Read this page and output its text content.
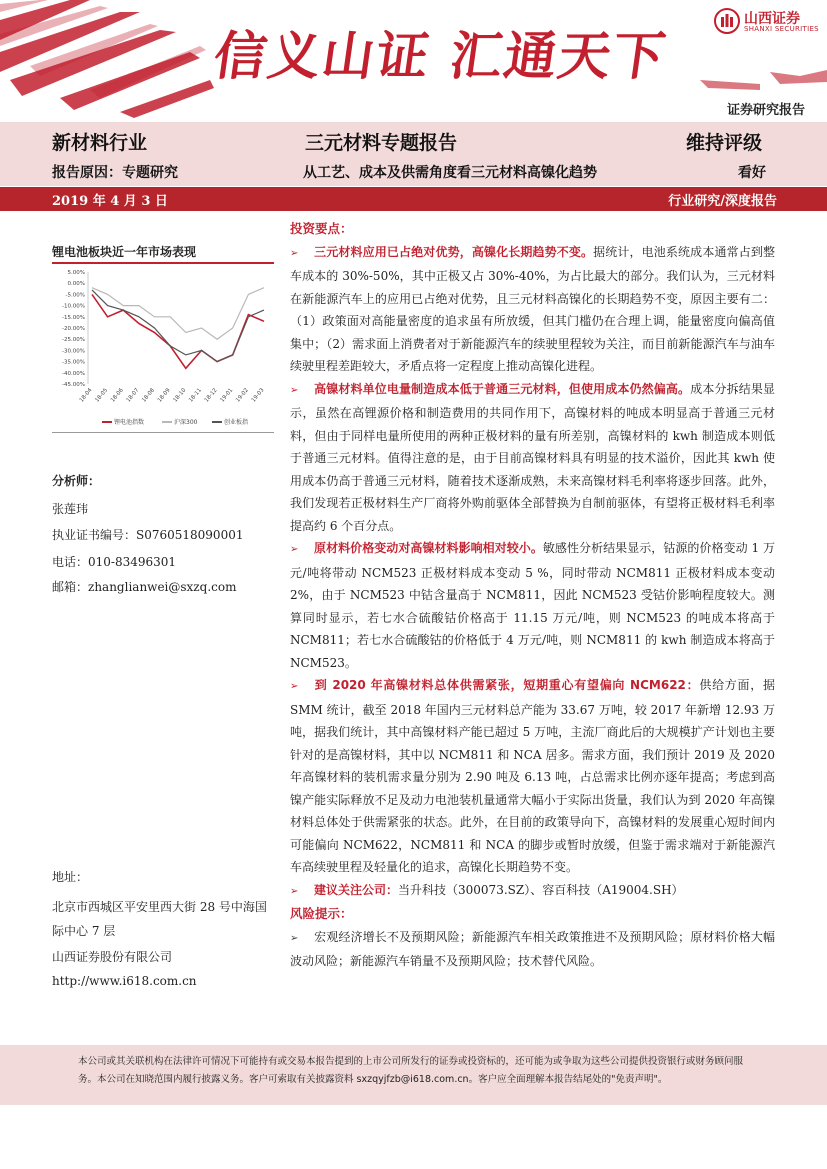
信义山证 汇通天下
山西证券
SHANXI SECURITIES
证券研究报告
新材料行业	三元材料专题报告	维持评级
报告原因：专题研究	从工艺、成本及供需角度看三元材料高镍化趋势	看好
2019 年 4 月 3 日	行业研究/深度报告
锂电池板块近一年市场表现
5.00%
0.00%
-5.00%
-10.00%
-15.00%
-20.00%
-25.00%
-30.00%
-35.00%
-40.00%
-45.00%
18-04 18-05 18-06 18-07 18-08 18-09 18-10 18-11 18-12 19-01 19-02 19-03
锂电池指数	沪深300	创业板指
分析师：
张莲玮
执业证书编号：S0760518090001
电话：010-83496301
邮箱：zhanglianwei@sxzq.com
地址：
北京市西城区平安里西大街 28 号中海国
际中心 7 层
山西证券股份有限公司
http://www.i618.com.cn
投资要点：

➢ 三元材料应用已占绝对优势，高镍化长期趋势不变。据统计，电池系统成本通常占到整车成本的 30%-50%，其中正极又占 30%-40%，为占比最大的部分。我们认为，三元材料在新能源汽车上的应用已占绝对优势，且三元材料高镍化的长期趋势不变，原因主要有二：（1）政策面对高能量密度的追求虽有所放缓，但其门槛仍在合理上调，能量密度向偏高值集中；（2）需求面上消费者对于新能源汽车的续驶里程较为关注，而目前新能源汽车与油车续驶里程差距较大，矛盾点将一定程度上推动高镍化进程。

➢ 高镍材料单位电量制造成本低于普通三元材料，但使用成本仍然偏高。成本分拆结果显示，虽然在高锂源价格和制造费用的共同作用下，高镍材料的吨成本明显高于普通三元材料，但由于同样电量所使用的两种正极材料的量有所差别，高镍材料的 kwh 制造成本则低于普通三元材料。值得注意的是，由于目前高镍材料具有明显的技术溢价，因此其 kwh 使用成本仍高于普通三元材料，随着技术逐渐成熟，未来高镍材料毛利率将逐步回落。此外，我们发现若正极材料生产厂商将外购前驱体全部替换为自制前驱体，有望将正极材料毛利率提高约 6 个百分点。

➢ 原材料价格变动对高镍材料影响相对较小。敏感性分析结果显示，钴源的价格变动 1 万元/吨将带动 NCM523 正极材料成本变动 5 %，同时带动 NCM811 正极材料成本变动 2%，由于 NCM523 中钴含量高于 NCM811，因此 NCM523 受钴价影响程度较大。测算同时显示，若七水合硫酸钴价格高于 11.15 万元/吨，则 NCM523 的吨成本将高于 NCM811；若七水合硫酸钴的价格低于 4 万元/吨，则 NCM811 的 kwh 制造成本将高于 NCM523。

➢ 到 2020 年高镍材料总体供需紧张，短期重心有望偏向 NCM622：供给方面，据 SMM 统计，截至 2018 年国内三元材料总产能为 33.67 万吨，较 2017 年新增 12.93 万吨，据我们统计，其中高镍材料产能已超过 5 万吨，主流厂商此后的大规模扩产计划也主要针对的是高镍材料，其中以 NCM811 和 NCA 居多。需求方面，我们预计 2019 及 2020 年高镍材料的装机需求量分别为 2.90 吨及 6.13 吨，占总需求比例亦逐年提高；考虑到高镍产能实际释放不足及动力电池装机量通常大幅小于实际出货量，我们认为到 2020 年高镍材料总体处于供需紧张的状态。此外，在目前的政策导向下，高镍材料的发展重心短时间内可能偏向 NCM622，NCM811 和 NCA 的脚步或暂时放缓，但鉴于需求端对于新能源汽车高续驶里程及轻量化的追求，高镍化长期趋势不变。

➢ 建议关注公司：当升科技（300073.SZ）、容百科技（A19004.SH）

风险提示：

➢ 宏观经济增长不及预期风险；新能源汽车相关政策推进不及预期风险；原材料价格大幅波动风险；新能源汽车销量不及预期风险；技术替代风险。

本公司或其关联机构在法律许可情况下可能持有或交易本报告提到的上市公司所发行的证券或投资标的，还可能为或争取为这些公司提供投资银行或财务顾问服务。本公司在知晓范围内履行披露义务。客户可索取有关披露资料 sxzqyjfzb@i618.com.cn。客户应全面理解本报告结尾处的"免责声明"。
